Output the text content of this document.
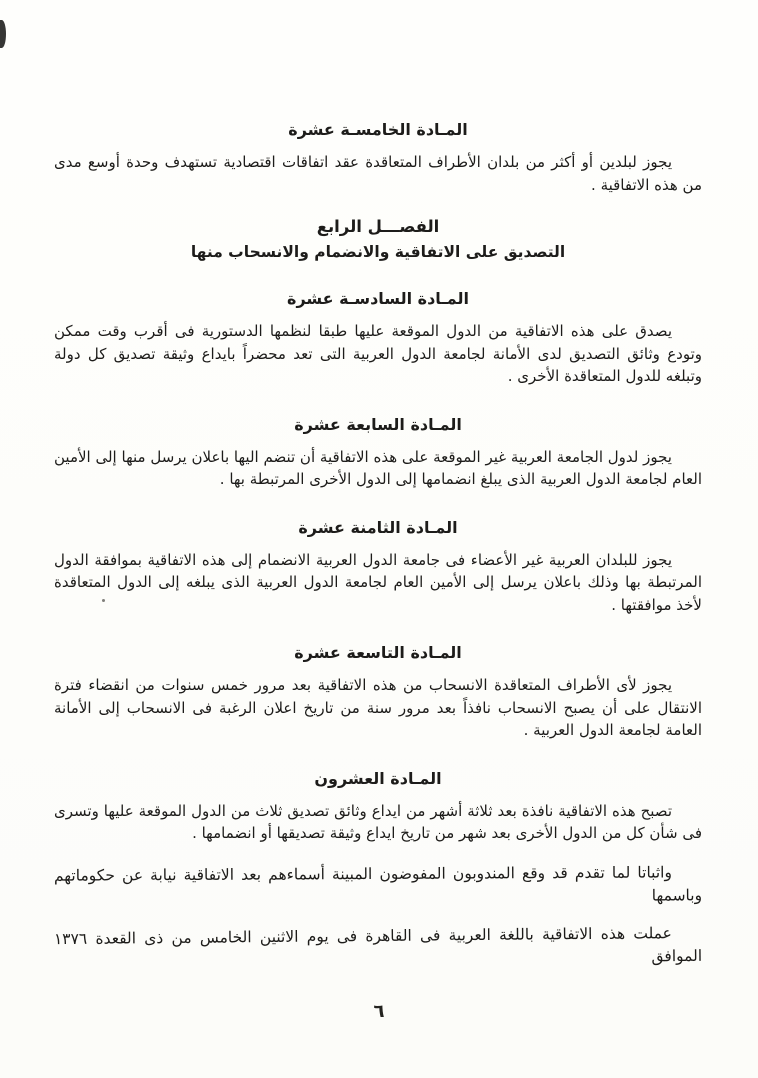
المـادة الخامسـة عشرة

يجوز لبلدين أو أكثر من بلدان الأطراف المتعاقدة عقد اتفاقات اقتصادية تستهدف وحدة أوسع مدى من هذه الاتفاقية .

الفصـــل الرابع
التصديق على الاتفاقية والانضمام والانسحاب منها
المـادة السادسـة عشرة

يصدق على هذه الاتفاقية من الدول الموقعة عليها طبقا لنظمها الدستورية فى أقرب وقت ممكن وتودع وثائق التصديق لدى الأمانة لجامعة الدول العربية التى تعد محضراً بايداع وثيقة تصديق كل دولة وتبلغه للدول المتعاقدة الأخرى .

المـادة السابعة عشرة

يجوز لدول الجامعة العربية غير الموقعة على هذه الاتفاقية أن تنضم اليها باعلان يرسل منها إلى الأمين العام لجامعة الدول العربية الذى يبلغ انضمامها إلى الدول الأخرى المرتبطة بها .

المـادة الثامنة عشرة

يجوز للبلدان العربية غير الأعضاء فى جامعة الدول العربية الانضمام إلى هذه الاتفاقية بموافقة الدول المرتبطة بها وذلك باعلان يرسل إلى الأمين العام لجامعة الدول العربية الذى يبلغه إلى الدول المتعاقدة لأخذ موافقتها .

المـادة التاسعة عشرة

يجوز لأى الأطراف المتعاقدة الانسحاب من هذه الاتفاقية بعد مرور خمس سنوات من انقضاء فترة الانتقال على أن يصبح الانسحاب نافذاً بعد مرور سنة من تاريخ اعلان الرغبة فى الانسحاب إلى الأمانة العامة لجامعة الدول العربية .

المـادة العشرون

تصبح هذه الاتفاقية نافذة بعد ثلاثة أشهر من ايداع وثائق تصديق ثلاث من الدول الموقعة عليها وتسرى فى شأن كل من الدول الأخرى بعد شهر من تاريخ ايداع وثيقة تصديقها أو انضمامها .

واثباتا لما تقدم قد وقع المندوبون المفوضون المبينة أسماءهم بعد الاتفاقية نيابة عن حكوماتهم وباسمها

عملت هذه الاتفاقية باللغة العربية فى القاهرة فى يوم الاثنين الخامس من ذى القعدة ١٣٧٦ الموافق

٦
